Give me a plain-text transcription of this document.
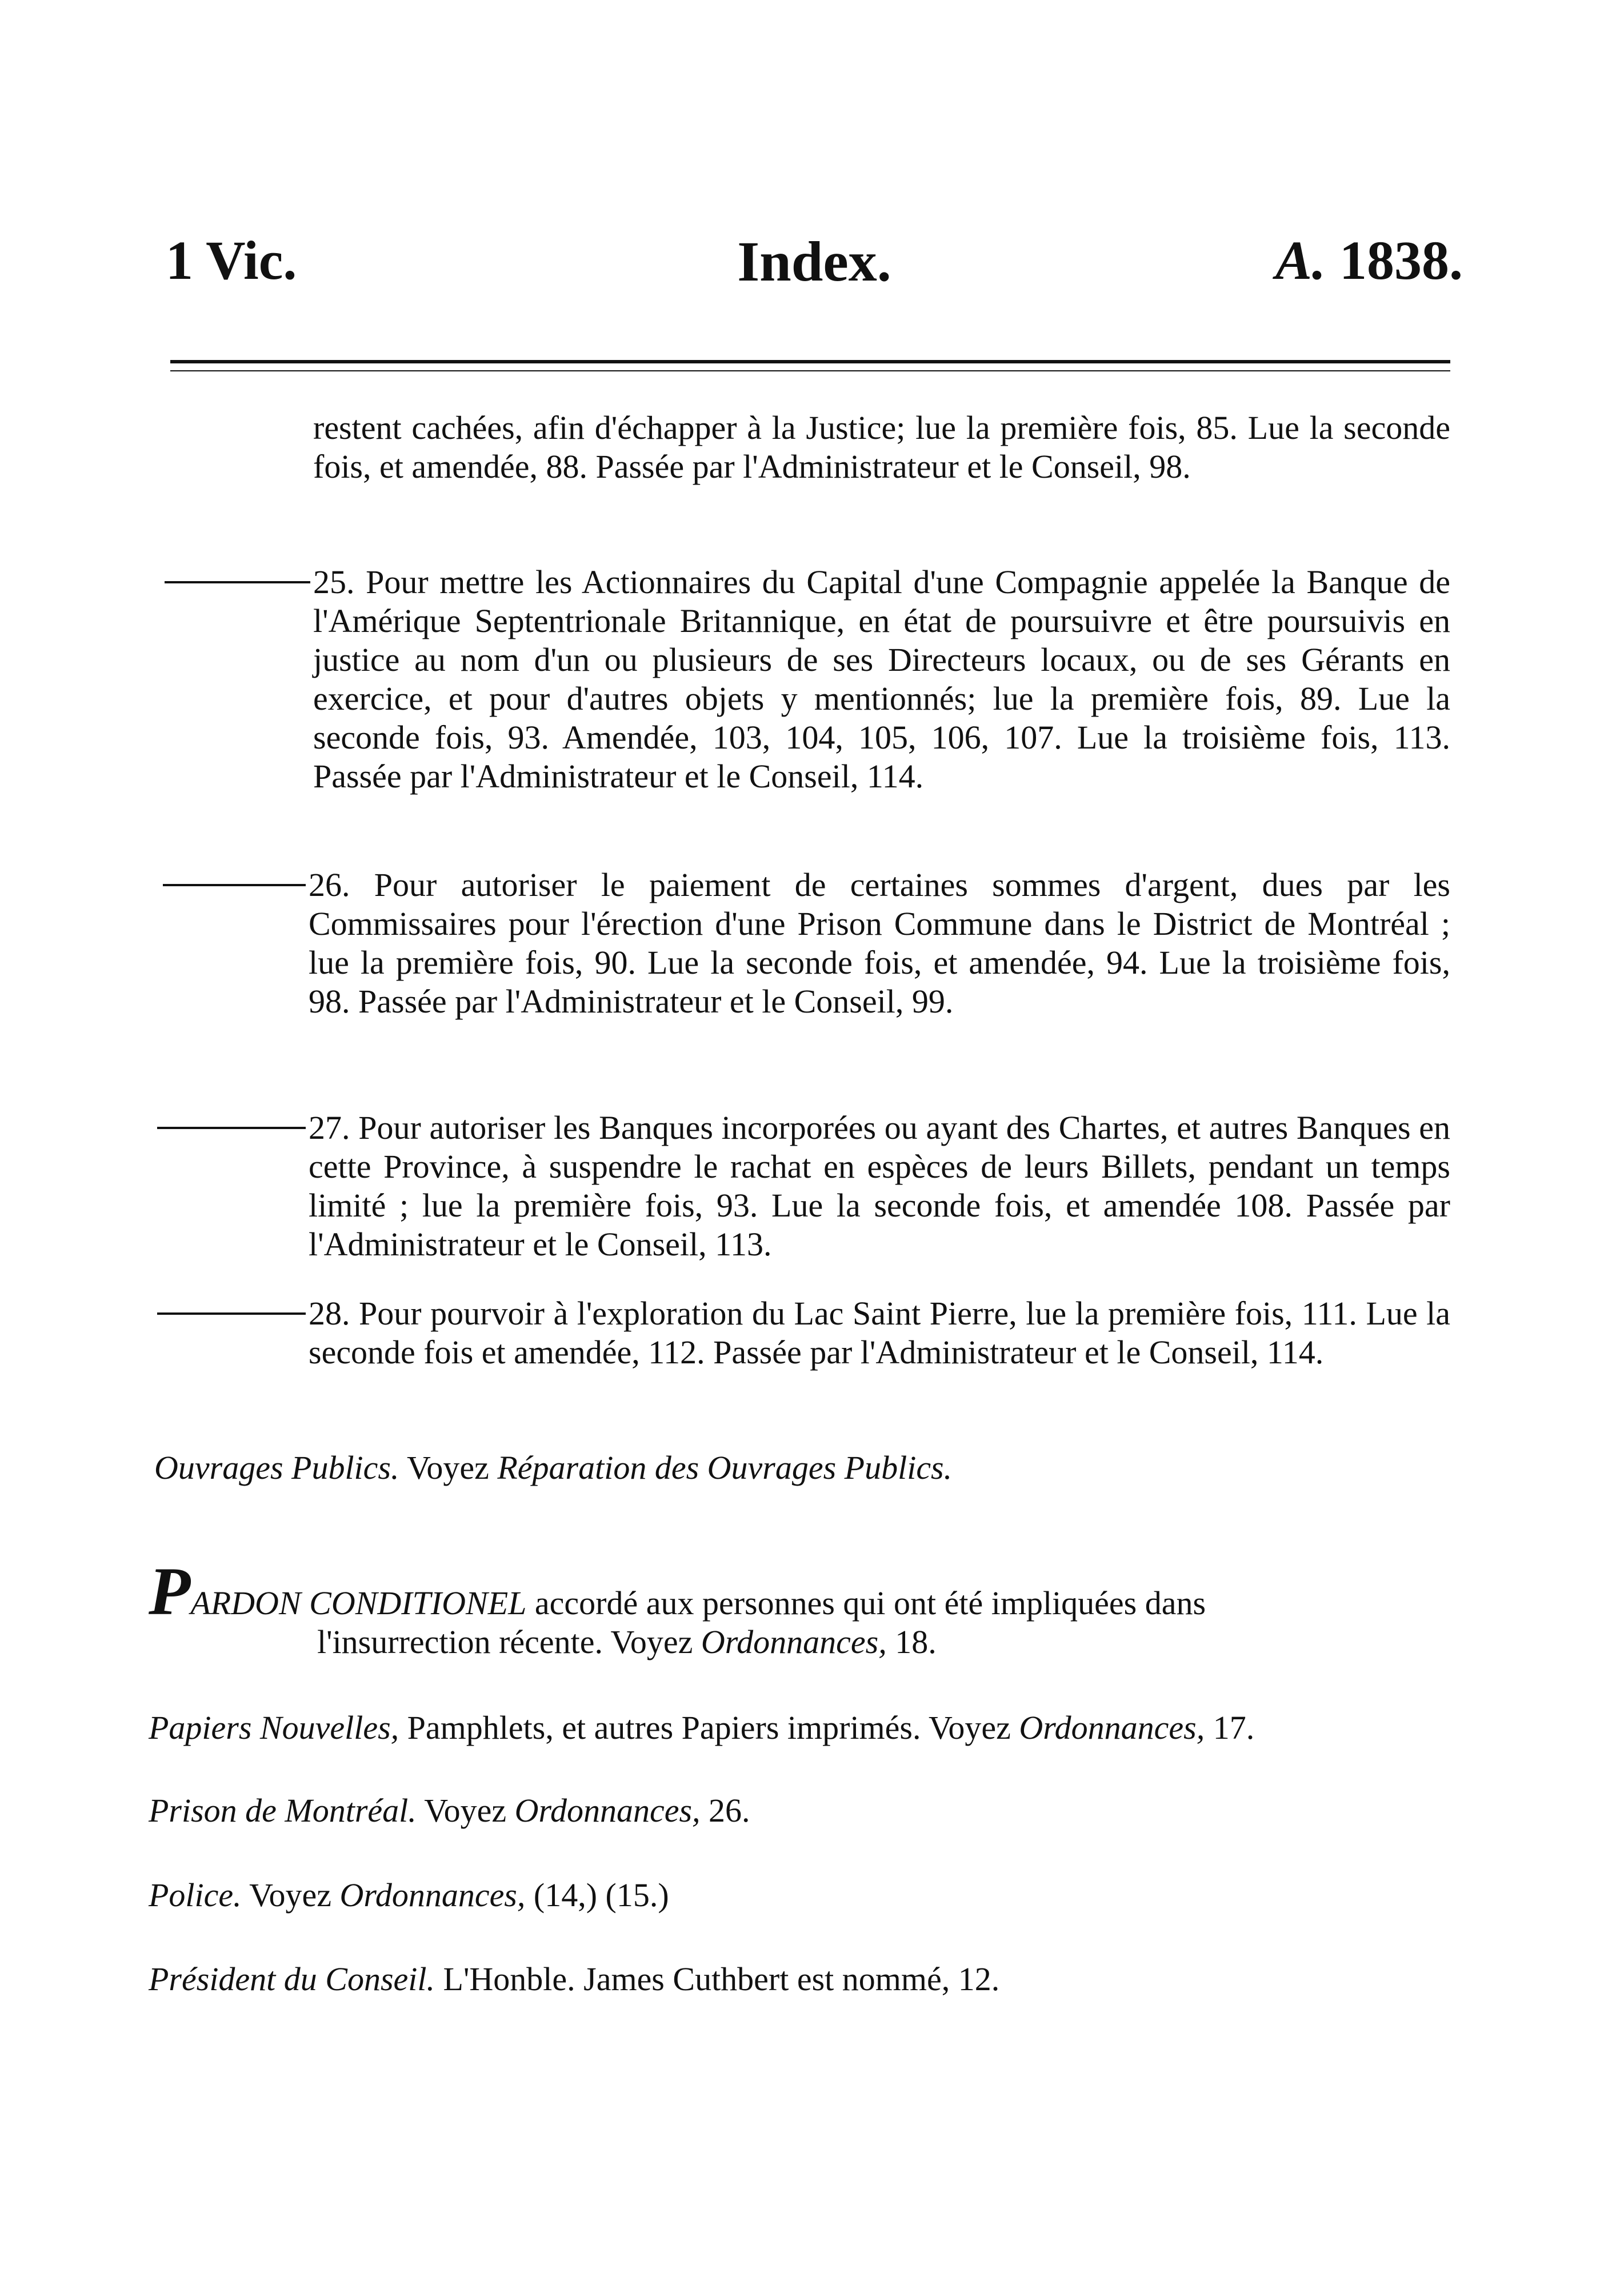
1 Vic.	Index.	A. 1838.
restent cachées, afin d'échapper à la Justice; lue la première fois, 85. Lue la seconde fois, et amendée, 88. Passée par l'Administrateur et le Conseil, 98.
25. Pour mettre les Actionnaires du Capital d'une Compagnie appelée la Banque de l'Amérique Septentrionale Britannique, en état de poursuivre et être poursuivis en justice au nom d'un ou plusieurs de ses Directeurs locaux, ou de ses Gérants en exercice, et pour d'autres objets y mentionnés; lue la première fois, 89. Lue la seconde fois, 93. Amendée, 103, 104, 105, 106, 107. Lue la troisième fois, 113. Passée par l'Administrateur et le Conseil, 114.
26. Pour autoriser le paiement de certaines sommes d'argent, dues par les Commissaires pour l'érection d'une Prison Commune dans le District de Montréal ; lue la première fois, 90. Lue la seconde fois, et amendée, 94. Lue la troisième fois, 98. Passée par l'Administrateur et le Conseil, 99.
27. Pour autoriser les Banques incorporées ou ayant des Chartes, et autres Banques en cette Province, à suspendre le rachat en espèces de leurs Billets, pendant un temps limité ; lue la première fois, 93. Lue la seconde fois, et amendée 108. Passée par l'Administrateur et le Conseil, 113.
28. Pour pourvoir à l'exploration du Lac Saint Pierre, lue la première fois, 111. Lue la seconde fois et amendée, 112. Passée par l'Administrateur et le Conseil, 114.
Ouvrages Publics. Voyez Réparation des Ouvrages Publics.
PARDON CONDITIONEL accordé aux personnes qui ont été impliquées dans
l'insurrection récente. Voyez Ordonnances, 18.
Papiers Nouvelles, Pamphlets, et autres Papiers imprimés. Voyez Ordonnances, 17.
Prison de Montréal. Voyez Ordonnances, 26.
Police. Voyez Ordonnances, (14,) (15.)
Président du Conseil. L'Honble. James Cuthbert est nommé, 12.
